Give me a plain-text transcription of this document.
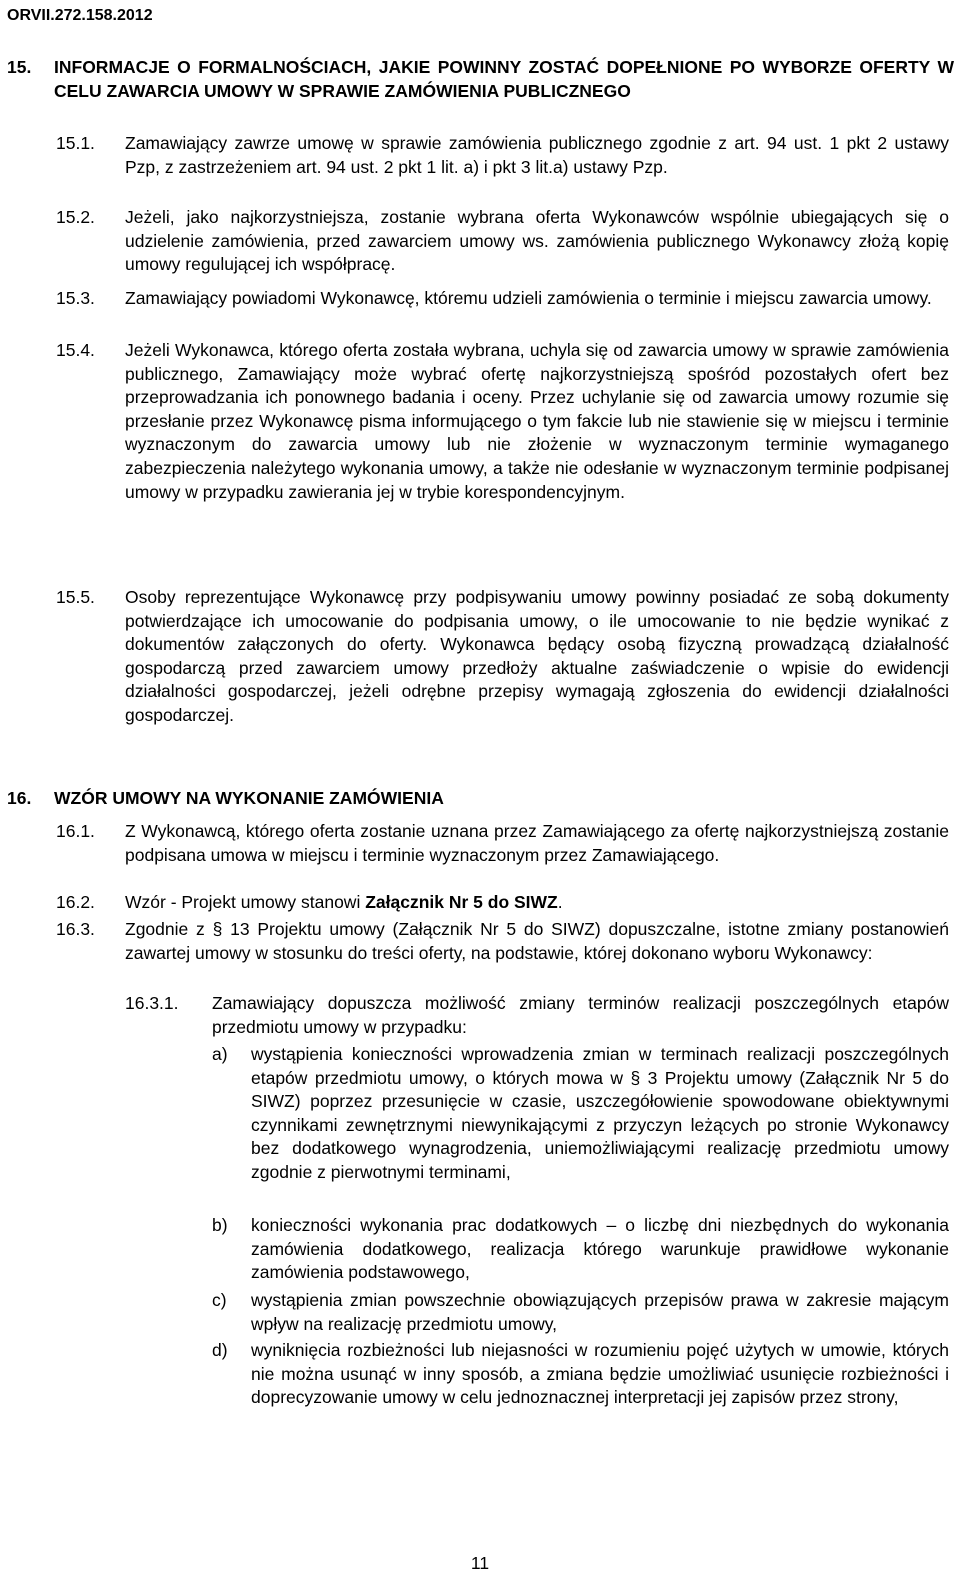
ORVII.272.158.2012
15. INFORMACJE O FORMALNOŚCIACH, JAKIE POWINNY ZOSTAĆ DOPEŁNIONE PO WYBORZE OFERTY W CELU ZAWARCIA UMOWY W SPRAWIE ZAMÓWIENIA PUBLICZNEGO
15.1. Zamawiający zawrze umowę w sprawie zamówienia publicznego zgodnie z art. 94 ust. 1 pkt 2 ustawy Pzp, z zastrzeżeniem art. 94 ust. 2 pkt 1 lit. a) i pkt 3 lit.a) ustawy Pzp.
15.2. Jeżeli, jako najkorzystniejsza, zostanie wybrana oferta Wykonawców wspólnie ubiegających się o udzielenie zamówienia, przed zawarciem umowy ws. zamówienia publicznego Wykonawcy złożą kopię umowy regulującej ich współpracę.
15.3. Zamawiający powiadomi Wykonawcę, któremu udzieli zamówienia o terminie i miejscu zawarcia umowy.
15.4. Jeżeli Wykonawca, którego oferta została wybrana, uchyla się od zawarcia umowy w sprawie zamówienia publicznego, Zamawiający może wybrać ofertę najkorzystniejszą spośród pozostałych ofert bez przeprowadzania ich ponownego badania i oceny. Przez uchylanie się od zawarcia umowy rozumie się przesłanie przez Wykonawcę pisma informującego o tym fakcie lub nie stawienie się w miejscu i terminie wyznaczonym do zawarcia umowy lub nie złożenie w wyznaczonym terminie wymaganego zabezpieczenia należytego wykonania umowy, a także nie odesłanie w wyznaczonym terminie podpisanej umowy w przypadku zawierania jej w trybie korespondencyjnym.
15.5. Osoby reprezentujące Wykonawcę przy podpisywaniu umowy powinny posiadać ze sobą dokumenty potwierdzające ich umocowanie do podpisania umowy, o ile umocowanie to nie będzie wynikać z dokumentów załączonych do oferty. Wykonawca będący osobą fizyczną prowadzącą działalność gospodarczą przed zawarciem umowy przedłoży aktualne zaświadczenie o wpisie do ewidencji działalności gospodarczej, jeżeli odrębne przepisy wymagają zgłoszenia do ewidencji działalności gospodarczej.
16. WZÓR UMOWY NA WYKONANIE ZAMÓWIENIA
16.1. Z Wykonawcą, którego oferta zostanie uznana przez Zamawiającego za ofertę najkorzystniejszą zostanie podpisana umowa w miejscu i terminie wyznaczonym przez Zamawiającego.
16.2. Wzór - Projekt umowy stanowi Załącznik Nr 5 do SIWZ.
16.3. Zgodnie z § 13 Projektu umowy (Załącznik Nr 5 do SIWZ) dopuszczalne, istotne zmiany postanowień zawartej umowy w stosunku do treści oferty, na podstawie, której dokonano wyboru Wykonawcy:
16.3.1. Zamawiający dopuszcza możliwość zmiany terminów realizacji poszczególnych etapów przedmiotu umowy w przypadku:
a) wystąpienia konieczności wprowadzenia zmian w terminach realizacji poszczególnych etapów przedmiotu umowy, o których mowa w § 3 Projektu umowy (Załącznik Nr 5 do SIWZ) poprzez przesunięcie w czasie, uszczegółowienie spowodowane obiektywnymi czynnikami zewnętrznymi niewynikającymi z przyczyn leżących po stronie Wykonawcy bez dodatkowego wynagrodzenia, uniemożliwiającymi realizację przedmiotu umowy zgodnie z pierwotnymi terminami,
b) konieczności wykonania prac dodatkowych – o liczbę dni niezbędnych do wykonania zamówienia dodatkowego, realizacja którego warunkuje prawidłowe wykonanie zamówienia podstawowego,
c) wystąpienia zmian powszechnie obowiązujących przepisów prawa w zakresie mającym wpływ na realizację przedmiotu umowy,
d) wyniknięcia rozbieżności lub niejasności w rozumieniu pojęć użytych w umowie, których nie można usunąć w inny sposób, a zmiana będzie umożliwiać usunięcie rozbieżności i doprecyzowanie umowy w celu jednoznacznej interpretacji jej zapisów przez strony,
11
